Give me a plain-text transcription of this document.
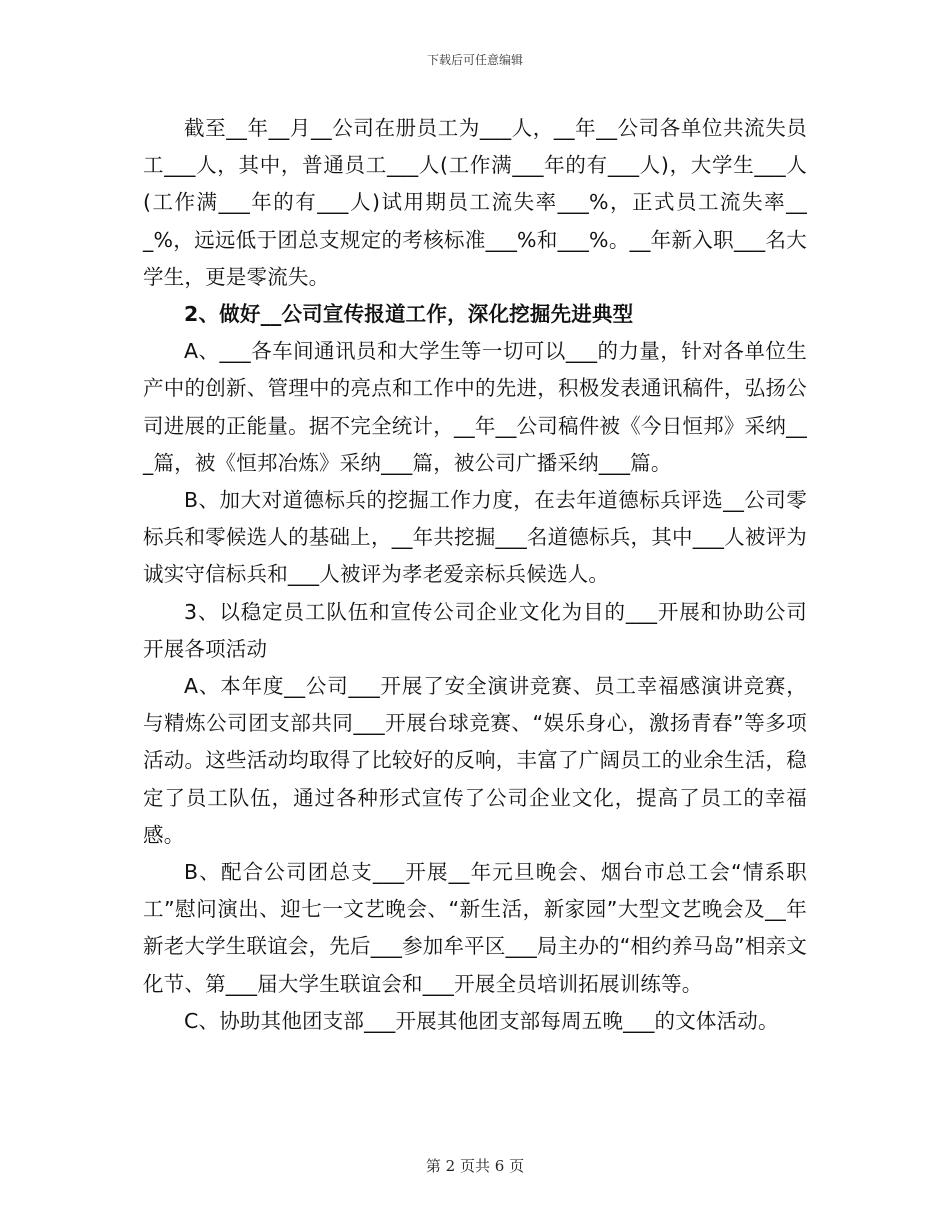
下载后可任意编辑

截至__年__月__公司在册员工为___人，__年__公司各单位共流失员工___人，其中，普通员工___人(工作满___年的有___人)，大学生___人(工作满___年的有___人)试用期员工流失率___%，正式员工流失率___%，远远低于团总支规定的考核标准___%和___%。__年新入职___名大学生，更是零流失。

2、做好__公司宣传报道工作，深化挖掘先进典型

A、___各车间通讯员和大学生等一切可以___的力量，针对各单位生产中的创新、管理中的亮点和工作中的先进，积极发表通讯稿件，弘扬公司进展的正能量。据不完全统计，__年__公司稿件被《今日恒邦》采纳___篇，被《恒邦冶炼》采纳___篇，被公司广播采纳___篇。

B、加大对道德标兵的挖掘工作力度，在去年道德标兵评选__公司零标兵和零候选人的基础上，__年共挖掘___名道德标兵，其中___人被评为诚实守信标兵和___人被评为孝老爱亲标兵候选人。

3、以稳定员工队伍和宣传公司企业文化为目的___开展和协助公司开展各项活动

A、本年度__公司___开展了安全演讲竞赛、员工幸福感演讲竞赛，与精炼公司团支部共同___开展台球竞赛、“娱乐身心，激扬青春”等多项活动。这些活动均取得了比较好的反响，丰富了广阔员工的业余生活，稳定了员工队伍，通过各种形式宣传了公司企业文化，提高了员工的幸福感。

B、配合公司团总支___开展__年元旦晚会、烟台市总工会“情系职工”慰问演出、迎七一文艺晚会、“新生活，新家园”大型文艺晚会及__年新老大学生联谊会，先后___参加牟平区___局主办的“相约养马岛”相亲文化节、第___届大学生联谊会和___开展全员培训拓展训练等。

C、协助其他团支部___开展其他团支部每周五晚___的文体活动。

第 2 页共 6 页
